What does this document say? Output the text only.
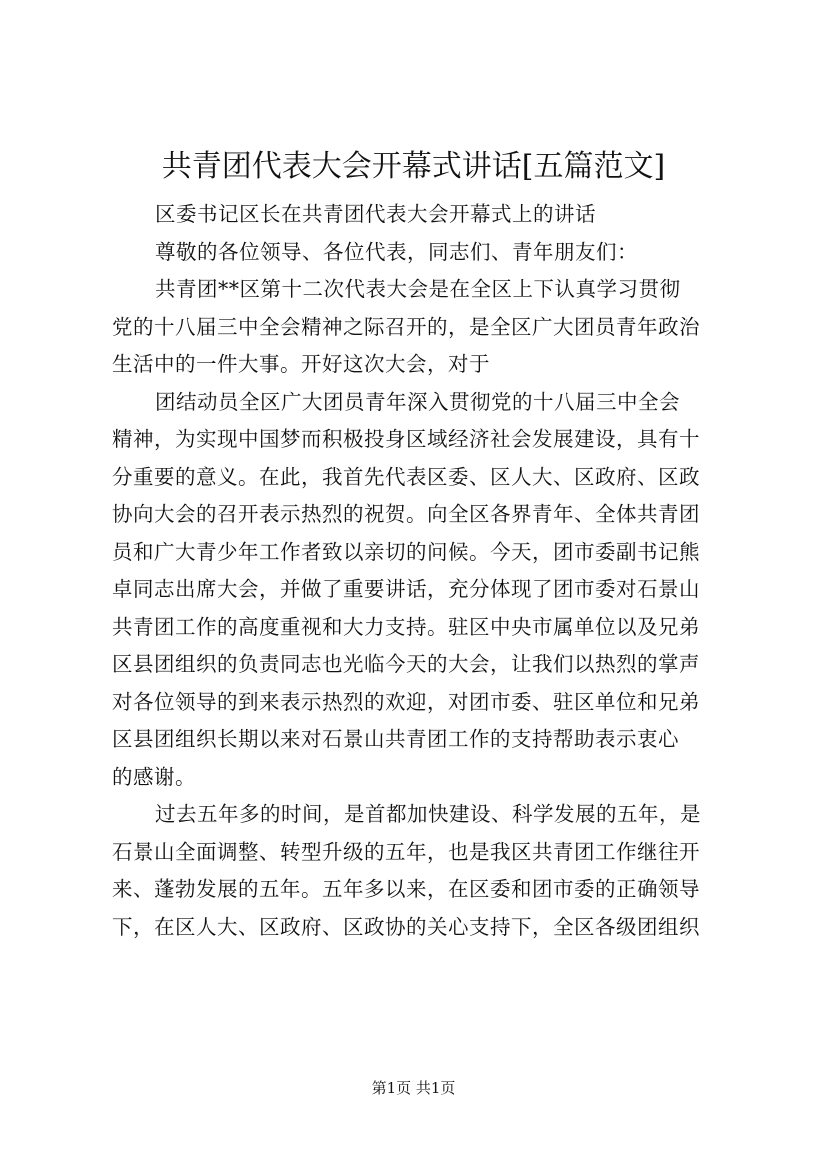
共青团代表大会开幕式讲话[五篇范文]
区委书记区长在共青团代表大会开幕式上的讲话
尊敬的各位领导、各位代表，同志们、青年朋友们：
共青团**区第十二次代表大会是在全区上下认真学习贯彻
党的十八届三中全会精神之际召开的，是全区广大团员青年政治
生活中的一件大事。开好这次大会，对于
团结动员全区广大团员青年深入贯彻党的十八届三中全会
精神，为实现中国梦而积极投身区域经济社会发展建设，具有十
分重要的意义。在此，我首先代表区委、区人大、区政府、区政
协向大会的召开表示热烈的祝贺。向全区各界青年、全体共青团
员和广大青少年工作者致以亲切的问候。今天，团市委副书记熊
卓同志出席大会，并做了重要讲话，充分体现了团市委对石景山
共青团工作的高度重视和大力支持。驻区中央市属单位以及兄弟
区县团组织的负责同志也光临今天的大会，让我们以热烈的掌声
对各位领导的到来表示热烈的欢迎，对团市委、驻区单位和兄弟
区县团组织长期以来对石景山共青团工作的支持帮助表示衷心
的感谢。
过去五年多的时间，是首都加快建设、科学发展的五年，是
石景山全面调整、转型升级的五年，也是我区共青团工作继往开
来、蓬勃发展的五年。五年多以来，在区委和团市委的正确领导
下，在区人大、区政府、区政协的关心支持下，全区各级团组织
第1页 共1页
